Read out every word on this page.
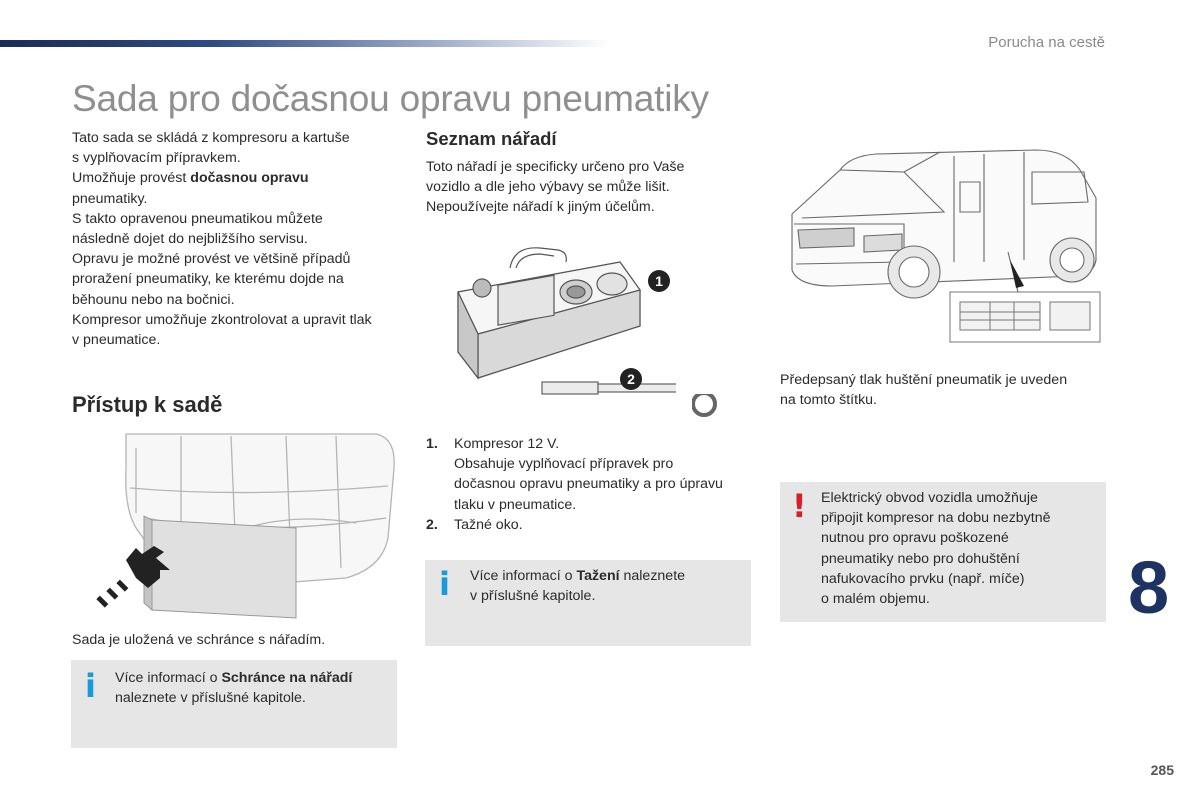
Porucha na cestě
Sada pro dočasnou opravu pneumatiky

Tato sada se skládá z kompresoru a kartuše
s vyplňovacím přípravkem.
Umožňuje provést dočasnou opravu
pneumatiky.
S takto opravenou pneumatikou můžete
následně dojet do nejbližšího servisu.
Opravu je možné provést ve většině případů
proražení pneumatiky, ke kterému dojde na
běhounu nebo na bočnici.
Kompresor umožňuje zkontrolovat a upravit tlak
v pneumatice.

Přístup k sadě
Sada je uložená ve schránce s nářadím.
i Více informací o Schránce na nářadí
naleznete v příslušné kapitole.
Seznam nářadí

Toto nářadí je specificky určeno pro Vaše
vozidlo a dle jeho výbavy se může lišit.
Nepoužívejte nářadí k jiným účelům.

1
2
1. Kompresor 12 V.
Obsahuje vyplňovací přípravek pro
dočasnou opravu pneumatiky a pro úpravu
tlaku v pneumatice.
2. Tažné oko.
i Více informací o Tažení naleznete
v příslušné kapitole.

Předepsaný tlak huštění pneumatik je uveden
na tomto štítku.

! Elektrický obvod vozidla umožňuje
připojit kompresor na dobu nezbytně
nutnou pro opravu poškozené
pneumatiky nebo pro dohuštění
nafukovacího prvku (např. míče)
o malém objemu.	8
285
